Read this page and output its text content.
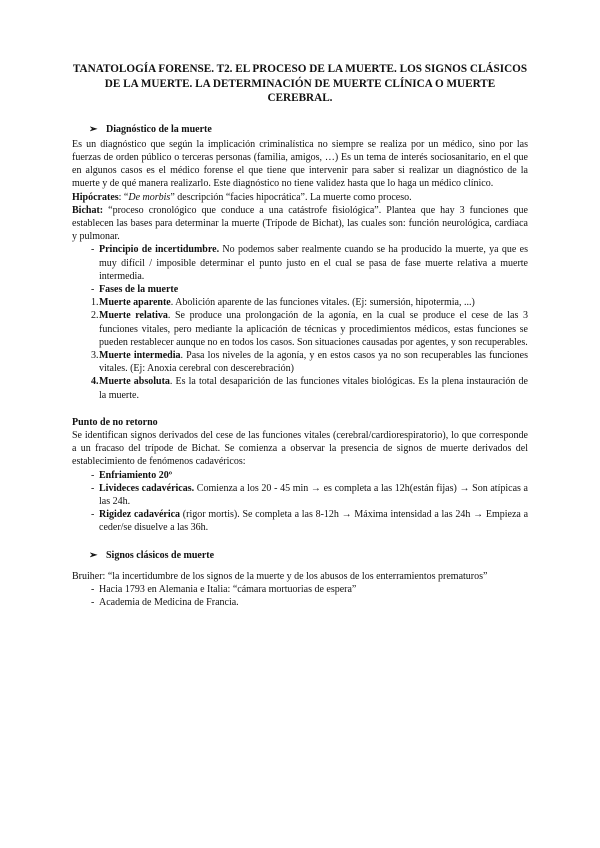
TANATOLOGÍA FORENSE. T2. EL PROCESO DE LA MUERTE. LOS SIGNOS CLÁSICOS DE LA MUERTE. LA DETERMINACIÓN DE MUERTE CLÍNICA O MUERTE CEREBRAL.
➢ Diagnóstico de la muerte

Es un diagnóstico que según la implicación criminalística no siempre se realiza por un médico, sino por las fuerzas de orden público o terceras personas (familia, amigos, …) Es un tema de interés sociosanitario, en el que en algunos casos es el médico forense el que tiene que intervenir para saber si realizar un diagnóstico de la muerte y de qué manera realizarlo. Este diagnóstico no tiene validez hasta que lo haga un médico clínico.

Hipócrates: “De morbis” descripción “facies hipocrática”. La muerte como proceso.

Bichat: “proceso cronológico que conduce a una catástrofe fisiológica”. Plantea que hay 3 funciones que establecen las bases para determinar la muerte (Trípode de Bichat), las cuales son: función neurológica, cardiaca y pulmonar.

- Principio de incertidumbre. No podemos saber realmente cuando se ha producido la muerte, ya que es muy difícil / imposible determinar el punto justo en el cual se pasa de fase muerte relativa a muerte intermedia.
- Fases de la muerte
1. Muerte aparente. Abolición aparente de las funciones vitales. (Ej: sumersión, hipotermia, ...)
2. Muerte relativa. Se produce una prolongación de la agonía, en la cual se produce el cese de las 3 funciones vitales, pero mediante la aplicación de técnicas y procedimientos médicos, estas funciones se pueden restablecer aunque no en todos los casos. Son situaciones causadas por agentes, y son recuperables.
3. Muerte intermedia. Pasa los niveles de la agonía, y en estos casos ya no son recuperables las funciones vitales. (Ej: Anoxia cerebral con descerebración)
4. Muerte absoluta. Es la total desaparición de las funciones vitales biológicas. Es la plena instauración de la muerte.

Punto de no retorno

Se identifican signos derivados del cese de las funciones vitales (cerebral/cardiorespiratorio), lo que corresponde a un fracaso del trípode de Bichat. Se comienza a observar la presencia de signos de muerte derivados del establecimiento de fenómenos cadavéricos:

- Enfriamiento 20º
- Livideces cadavéricas. Comienza a los 20 - 45 min → es completa a las 12h(están fijas) → Son atípicas a las 24h.
- Rigidez cadavérica (rigor mortis). Se completa a las 8-12h → Máxima intensidad a las 24h → Empieza a ceder/se disuelve a las 36h.
➢ Signos clásicos de muerte

Bruiher: “la incertidumbre de los signos de la muerte y de los abusos de los enterramientos prematuros”

- Hacia 1793 en Alemania e Italia: “cámara mortuorias de espera”
- Academia de Medicina de Francia.
